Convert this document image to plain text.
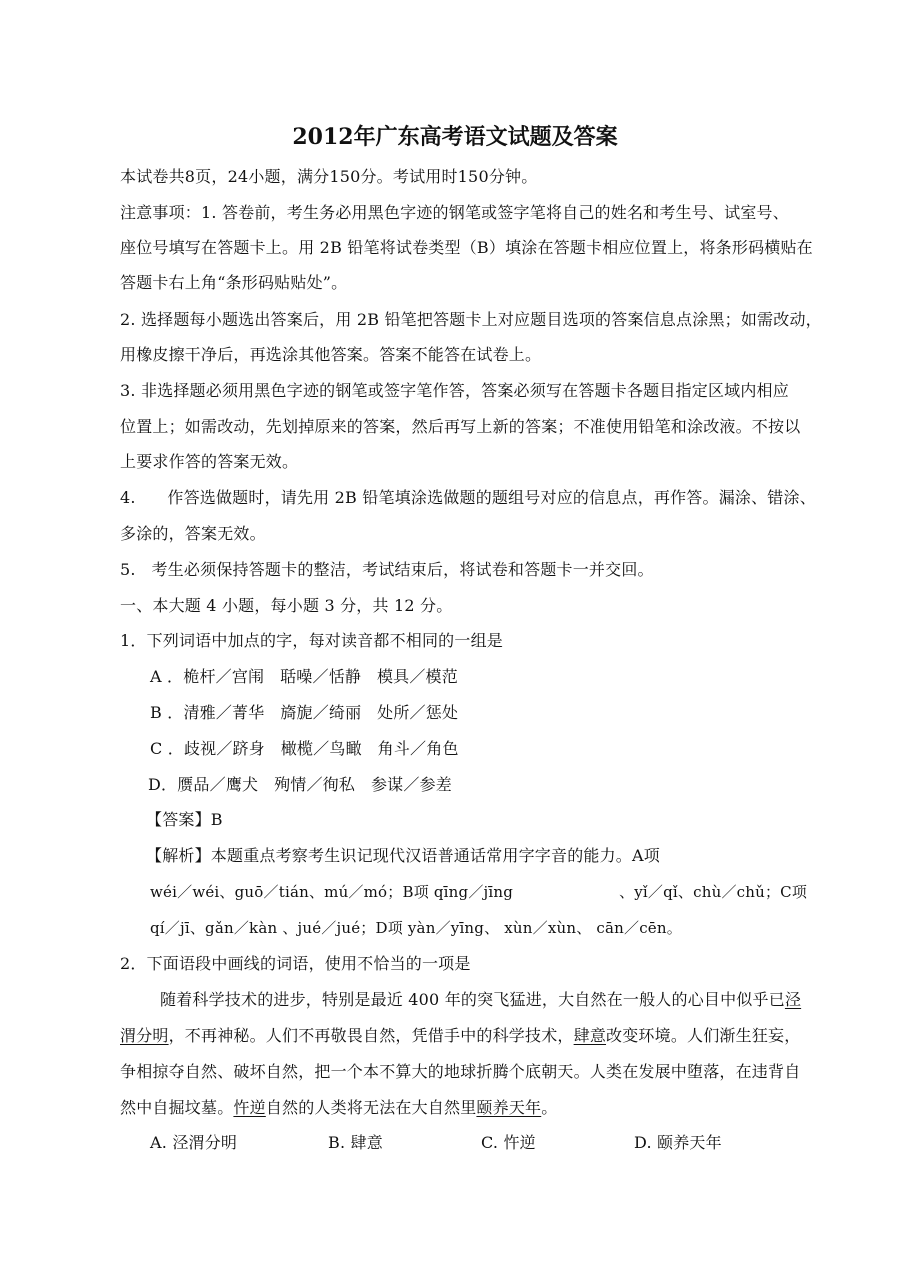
2012年广东高考语文试题及答案
本试卷共8页，24小题，满分150分。考试用时150分钟。
注意事项：1. 答卷前，考生务必用黑色字迹的钢笔或签字笔将自己的姓名和考生号、试室号、
座位号填写在答题卡上。用 2B 铅笔将试卷类型（B）填涂在答题卡相应位置上，将条形码横贴在
答题卡右上角“条形码贴贴处”。
2. 选择题每小题选出答案后，用 2B 铅笔把答题卡上对应题目选项的答案信息点涂黑；如需改动，
用橡皮擦干净后，再选涂其他答案。答案不能答在试卷上。
3. 非选择题必须用黑色字迹的钢笔或签字笔作答，答案必须写在答题卡各题目指定区域内相应
位置上；如需改动，先划掉原来的答案，然后再写上新的答案；不准使用铅笔和涂改液。不按以
上要求作答的答案无效。
4.      作答选做题时，请先用 2B 铅笔填涂选做题的题组号对应的信息点，再作答。漏涂、错涂、
多涂的，答案无效。
5.   考生必须保持答题卡的整洁，考试结束后，将试卷和答题卡一并交回。
一、本大题 4 小题，每小题 3 分，共 12 分。
1．下列词语中加点的字，每对读音都不相同的一组是
A ．桅杆／宫闱   聒噪／恬静   模具／模范
B ．清雅／菁华   旖旎／绮丽   处所／惩处
C ．歧视／跻身   橄榄／鸟瞰   角斗／角色
D．赝品／鹰犬   殉情／徇私   参谋／参差
【答案】B
【解析】本题重点考察考生识记现代汉语普通话常用字字音的能力。A项
wéi／wéi、guō／tián、mú／mó；B项 qīng／jīng	、yǐ／qǐ、chù／chǔ；C项
qí／jī、gǎn／kàn 、jué／jué；D项 yàn／yīng、 xùn／xùn、 cān／cēn。
2．下面语段中画线的词语，使用不恰当的一项是
随着科学技术的进步，特别是最近 400 年的突飞猛进，大自然在一般人的心目中似乎已泾
渭分明，不再神秘。人们不再敬畏自然，凭借手中的科学技术，肆意改变环境。人们渐生狂妄，
争相掠夺自然、破坏自然，把一个本不算大的地球折腾个底朝天。人类在发展中堕落，在违背自
然中自掘坟墓。忤逆自然的人类将无法在大自然里颐养天年。
A. 泾渭分明	B. 肆意	C. 忤逆	D. 颐养天年
